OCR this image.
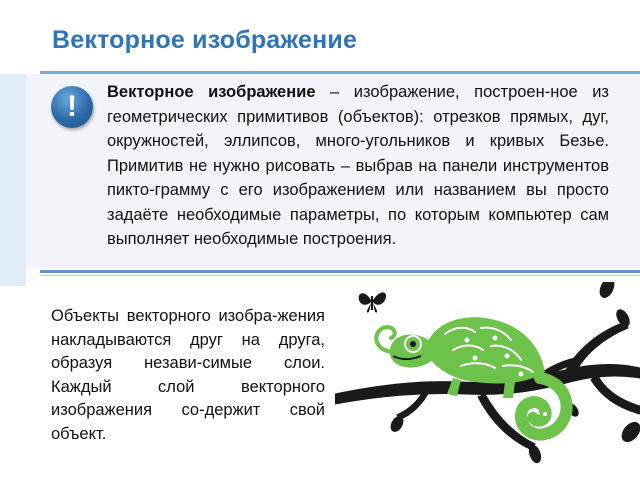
Векторное изображение
!	Векторное изображение – изображение, построен-ное из геометрических примитивов (объектов): отрезков прямых, дуг, окружностей, эллипсов, много-угольников и кривых Безье. Примитив не нужно рисовать – выбрав на панели инструментов пикто-грамму с его изображением или названием вы просто задаёте необходимые параметры, по которым компьютер сам выполняет необходимые построения.
Объекты векторного изобра-жения накладываются друг на друга, образуя незави-симые слои. Каждый слой векторного изображения со-держит свой объект.
